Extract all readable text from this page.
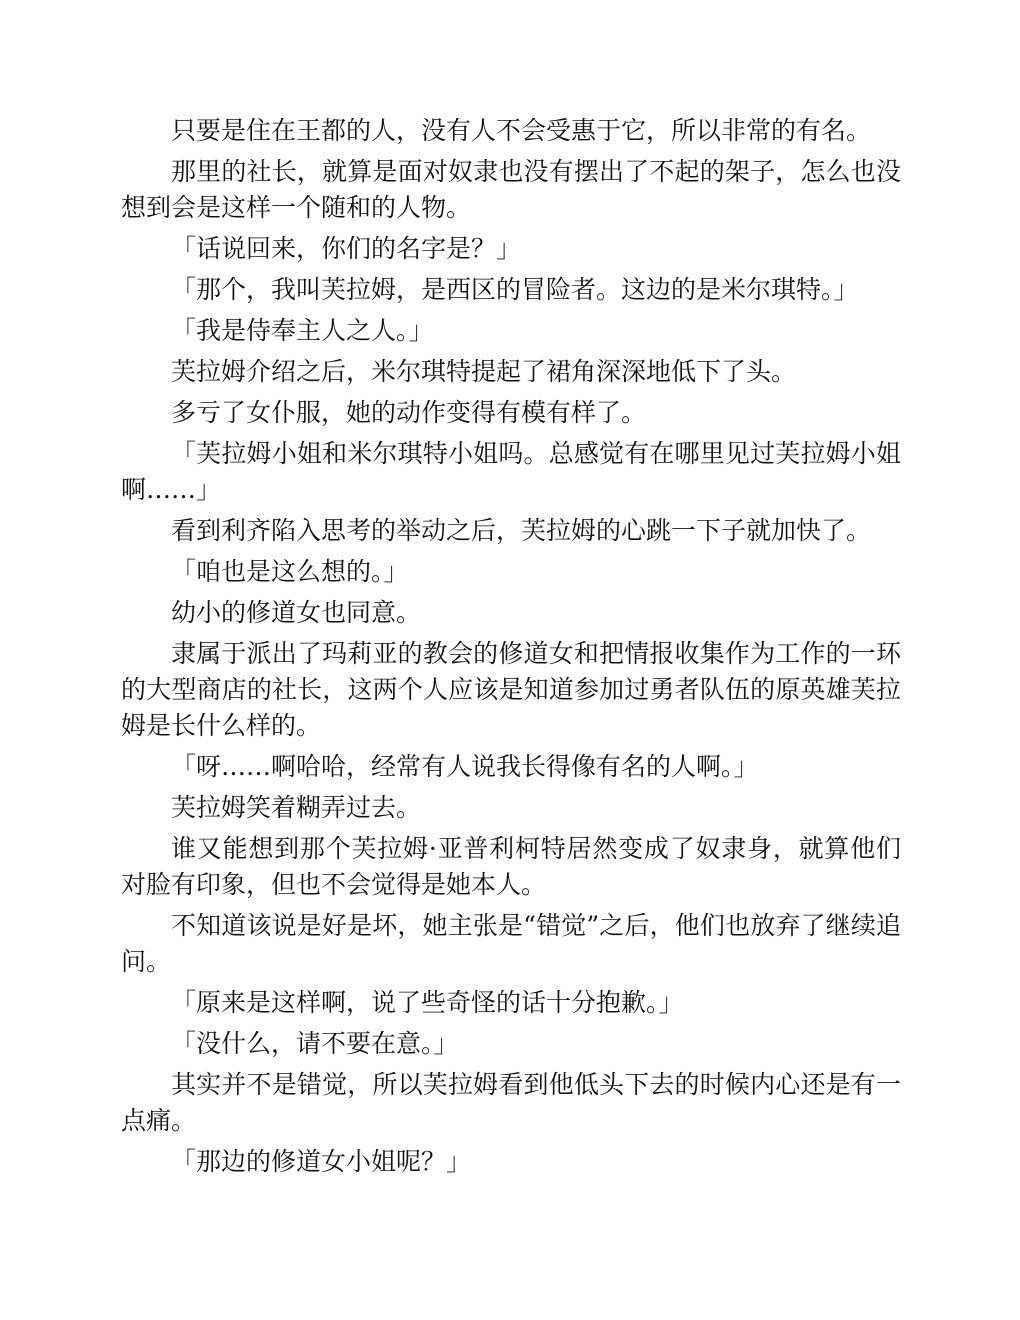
只要是住在王都的人，没有人不会受惠于它，所以非常的有名。

那里的社长，就算是面对奴隶也没有摆出了不起的架子，怎么也没想到会是这样一个随和的人物。

「话说回来，你们的名字是？」

「那个，我叫芙拉姆，是西区的冒险者。这边的是米尔琪特。」

「我是侍奉主人之人。」

芙拉姆介绍之后，米尔琪特提起了裙角深深地低下了头。

多亏了女仆服，她的动作变得有模有样了。

「芙拉姆小姐和米尔琪特小姐吗。总感觉有在哪里见过芙拉姆小姐啊……」

看到利齐陷入思考的举动之后，芙拉姆的心跳一下子就加快了。

「咱也是这么想的。」

幼小的修道女也同意。

隶属于派出了玛莉亚的教会的修道女和把情报收集作为工作的一环的大型商店的社长，这两个人应该是知道参加过勇者队伍的原英雄芙拉姆是长什么样的。

「呀……啊哈哈，经常有人说我长得像有名的人啊。」

芙拉姆笑着糊弄过去。

谁又能想到那个芙拉姆·亚普利柯特居然变成了奴隶身，就算他们对脸有印象，但也不会觉得是她本人。

不知道该说是好是坏，她主张是“错觉”之后，他们也放弃了继续追问。

「原来是这样啊，说了些奇怪的话十分抱歉。」

「没什么，请不要在意。」

其实并不是错觉，所以芙拉姆看到他低头下去的时候内心还是有一点痛。

「那边的修道女小姐呢？」
